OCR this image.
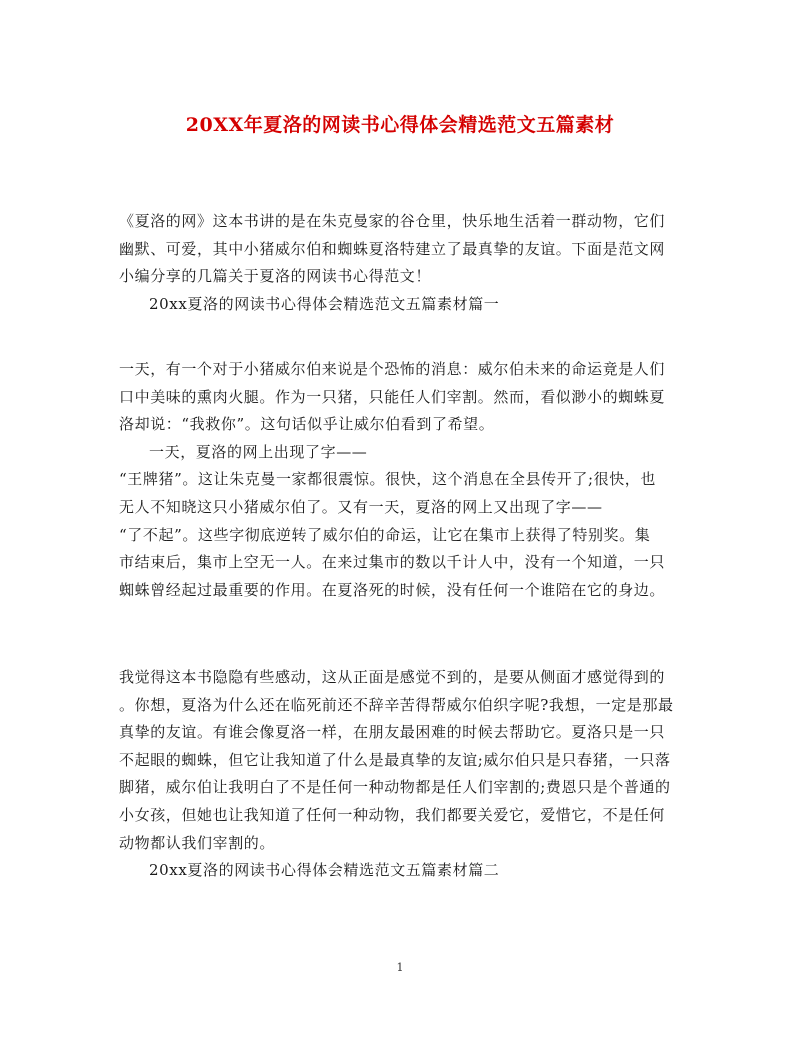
20XX年夏洛的网读书心得体会精选范文五篇素材
《夏洛的网》这本书讲的是在朱克曼家的谷仓里，快乐地生活着一群动物，它们
幽默、可爱，其中小猪威尔伯和蜘蛛夏洛特建立了最真挚的友谊。下面是范文网
小编分享的几篇关于夏洛的网读书心得范文！
20xx夏洛的网读书心得体会精选范文五篇素材篇一
一天，有一个对于小猪威尔伯来说是个恐怖的消息：威尔伯未来的命运竟是人们
口中美味的熏肉火腿。作为一只猪，只能任人们宰割。然而，看似渺小的蜘蛛夏
洛却说：“我救你”。这句话似乎让威尔伯看到了希望。
一天，夏洛的网上出现了字——
“王牌猪”。这让朱克曼一家都很震惊。很快，这个消息在全县传开了;很快，也
无人不知晓这只小猪威尔伯了。又有一天，夏洛的网上又出现了字——
“了不起”。这些字彻底逆转了威尔伯的命运，让它在集市上获得了特别奖。集
市结束后，集市上空无一人。在来过集市的数以千计人中，没有一个知道，一只
蜘蛛曾经起过最重要的作用。在夏洛死的时候，没有任何一个谁陪在它的身边。
我觉得这本书隐隐有些感动，这从正面是感觉不到的，是要从侧面才感觉得到的
。你想，夏洛为什么还在临死前还不辞辛苦得帮威尔伯织字呢?我想，一定是那最
真挚的友谊。有谁会像夏洛一样，在朋友最困难的时候去帮助它。夏洛只是一只
不起眼的蜘蛛，但它让我知道了什么是最真挚的友谊;威尔伯只是只春猪，一只落
脚猪，威尔伯让我明白了不是任何一种动物都是任人们宰割的;费恩只是个普通的
小女孩，但她也让我知道了任何一种动物，我们都要关爱它，爱惜它，不是任何
动物都认我们宰割的。
20xx夏洛的网读书心得体会精选范文五篇素材篇二
1
